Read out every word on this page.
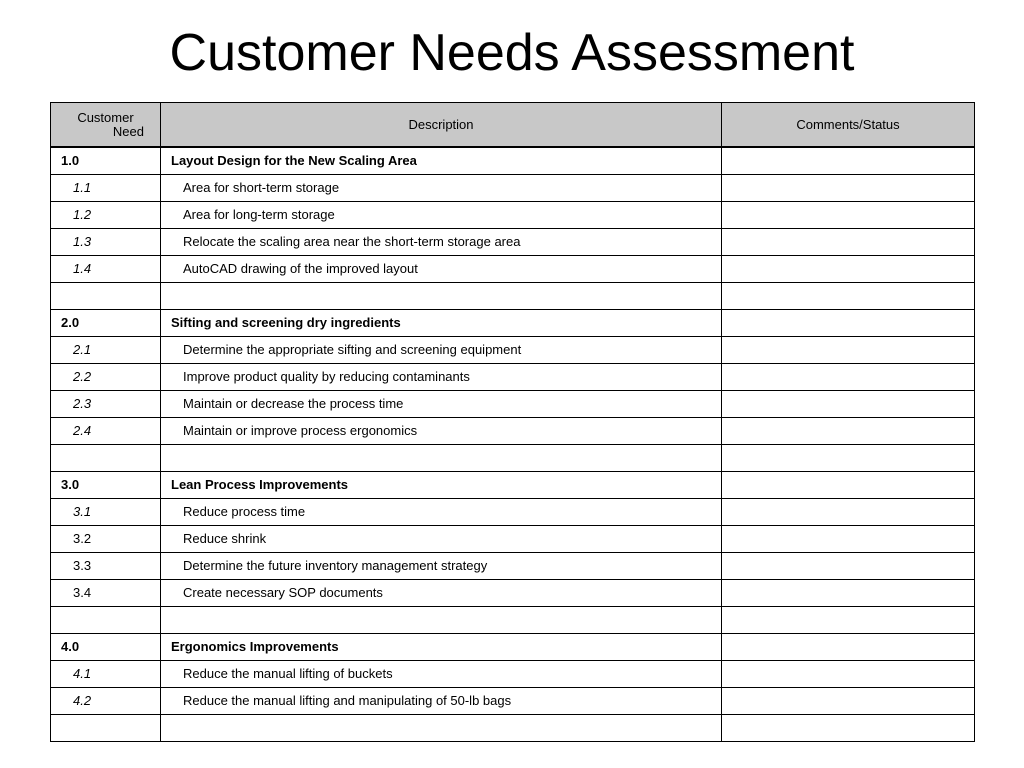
Customer Needs Assessment
Customer
Need	Description	Comments/Status
1.0	Layout Design for the New Scaling Area	
1.1	Area for short-term storage	
1.2	Area for long-term storage	
1.3	Relocate the scaling area near the short-term storage area	
1.4	AutoCAD drawing of the improved layout	

2.0	Sifting and screening dry ingredients	
2.1	Determine the appropriate sifting and screening equipment	
2.2	Improve product quality by reducing contaminants	
2.3	Maintain or decrease the process time	
2.4	Maintain or improve process ergonomics	

3.0	Lean Process Improvements	
3.1	Reduce process time	
3.2	Reduce shrink	
3.3	Determine the future inventory management strategy	
3.4	Create necessary SOP documents	

4.0	Ergonomics Improvements	
4.1	Reduce the manual lifting of buckets	
4.2	Reduce the manual lifting and manipulating of 50-lb bags	
